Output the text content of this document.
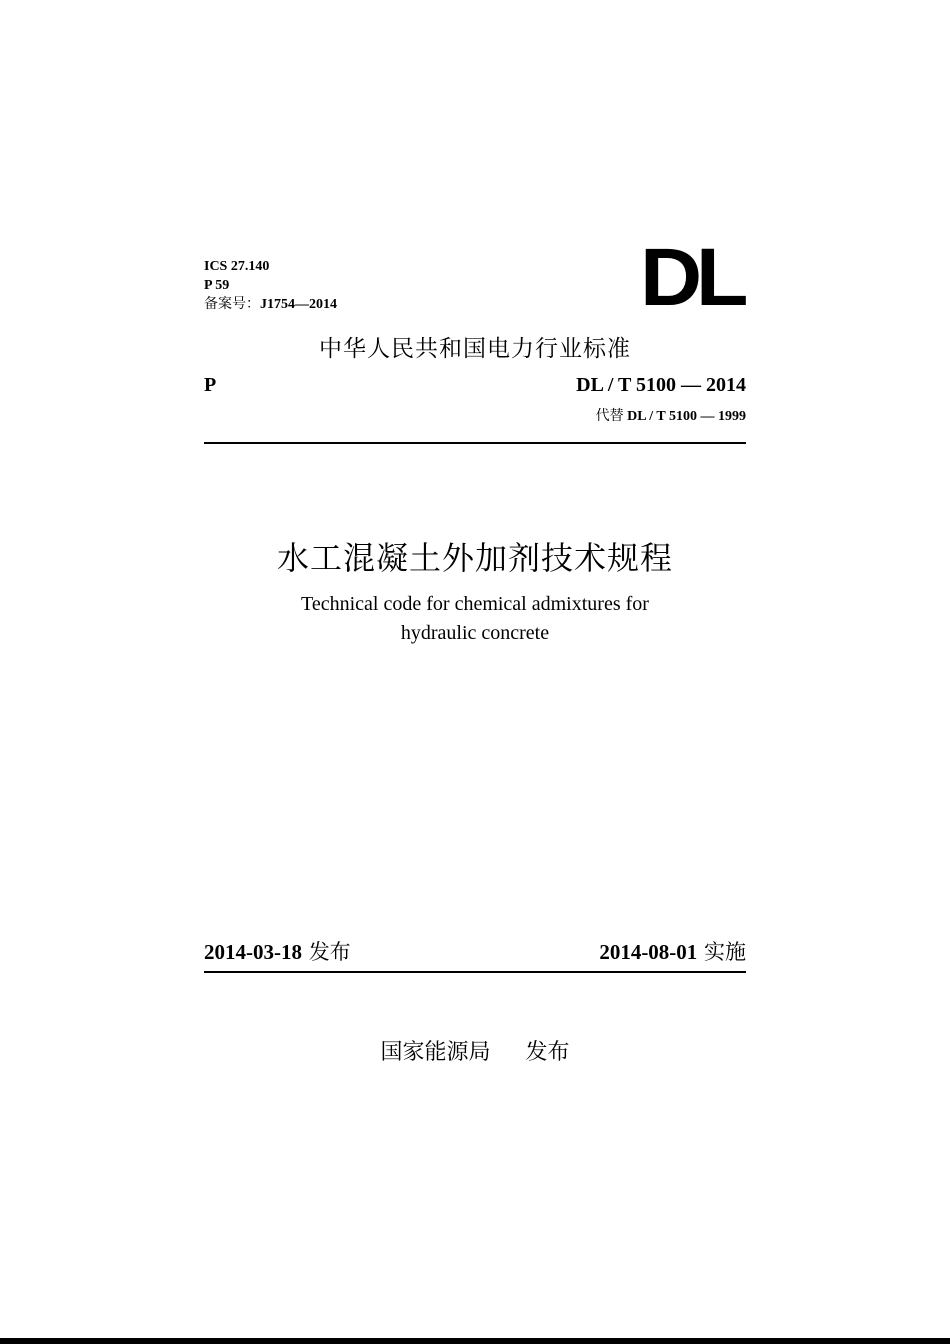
ICS 27.140
P 59
备案号：J1754—2014	DL
中华人民共和国电力行业标准
P	DL / T 5100 — 2014
代替 DL / T 5100 — 1999
水工混凝土外加剂技术规程
Technical code for chemical admixtures for
hydraulic concrete
2014-03-18 发布	2014-08-01 实施
国家能源局 发布
